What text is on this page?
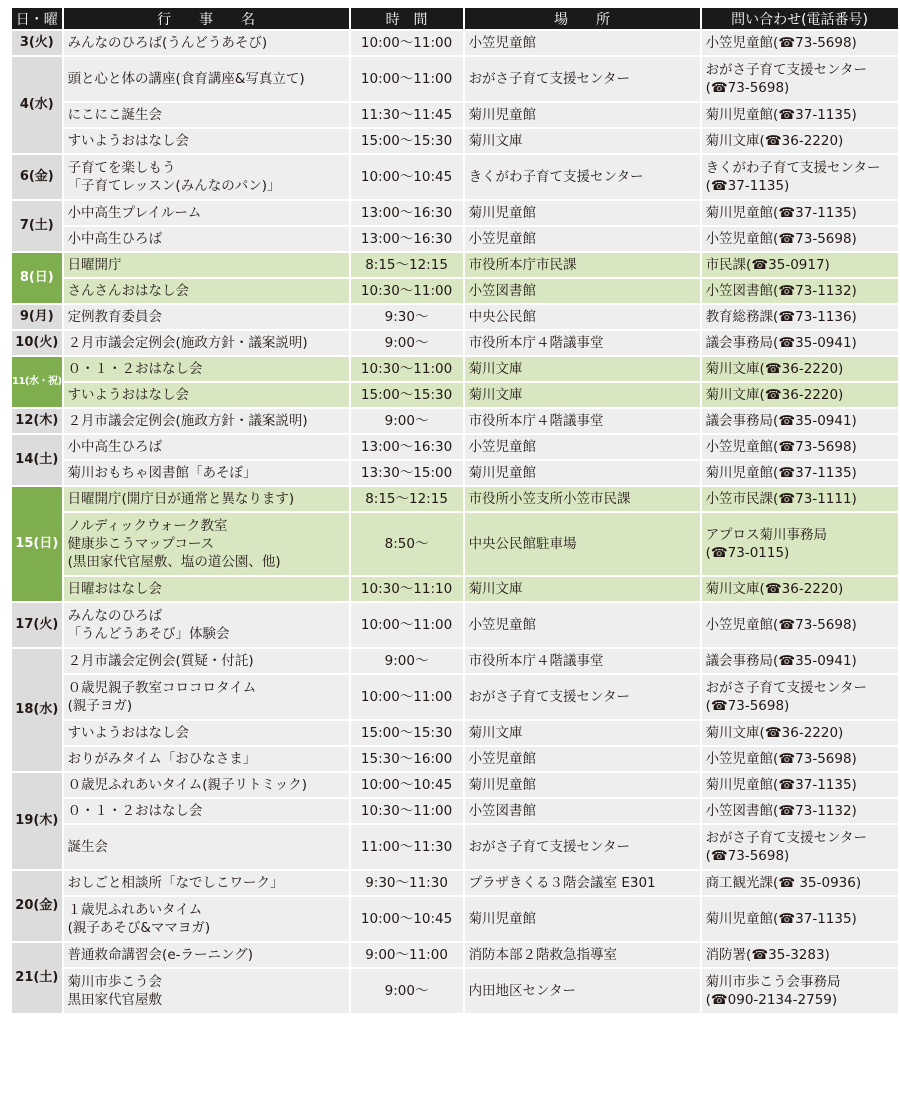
日・曜	行　　事　　名	時　間	場　　所	問い合わせ(電話番号)
3(火)	みんなのひろば(うんどうあそび)	10:00〜11:00	小笠児童館	小笠児童館(☎73-5698)

4(水)	頭と心と体の講座(食育講座&写真立て)	10:00〜11:00	おがさ子育て支援センター	おがさ子育て支援センター
(☎73-5698)

	にこにこ誕生会	11:30〜11:45	菊川児童館	菊川児童館(☎37-1135)

	すいようおはなし会	15:00〜15:30	菊川文庫	菊川文庫(☎36-2220)

6(金)	子育てを楽しもう
「子育てレッスン(みんなのパン)」	10:00〜10:45	きくがわ子育て支援センター	きくがわ子育て支援センター
(☎37-1135)

7(土)	小中高生プレイルーム	13:00〜16:30	菊川児童館	菊川児童館(☎37-1135)

	小中高生ひろば	13:00〜16:30	小笠児童館	小笠児童館(☎73-5698)

8(日)	日曜開庁	8:15〜12:15	市役所本庁市民課	市民課(☎35-0917)

	さんさんおはなし会	10:30〜11:00	小笠図書館	小笠図書館(☎73-1132)

9(月)	定例教育委員会	9:30〜	中央公民館	教育総務課(☎73-1136)

10(火)	２月市議会定例会(施政方針・議案説明)	9:00〜	市役所本庁４階議事堂	議会事務局(☎35-0941)

11(水・祝)	０・１・２おはなし会	10:30〜11:00	菊川文庫	菊川文庫(☎36-2220)

	すいようおはなし会	15:00〜15:30	菊川文庫	菊川文庫(☎36-2220)

12(木)	２月市議会定例会(施政方針・議案説明)	9:00〜	市役所本庁４階議事堂	議会事務局(☎35-0941)

14(土)	小中高生ひろば	13:00〜16:30	小笠児童館	小笠児童館(☎73-5698)

	菊川おもちゃ図書館「あそぼ」	13:30〜15:00	菊川児童館	菊川児童館(☎37-1135)

15(日)	日曜開庁(開庁日が通常と異なります)	8:15〜12:15	市役所小笠支所小笠市民課	小笠市民課(☎73-1111)

	ノルディックウォーク教室
健康歩こうマップコース
(黒田家代官屋敷、塩の道公園、他)	8:50〜	中央公民館駐車場	アプロス菊川事務局
(☎73-0115)

	日曜おはなし会	10:30〜11:10	菊川文庫	菊川文庫(☎36-2220)

17(火)	みんなのひろば
「うんどうあそび」体験会	10:00〜11:00	小笠児童館	小笠児童館(☎73-5698)

18(水)	２月市議会定例会(質疑・付託)	9:00〜	市役所本庁４階議事堂	議会事務局(☎35-0941)

	０歳児親子教室コロコロタイム
(親子ヨガ)	10:00〜11:00	おがさ子育て支援センター	おがさ子育て支援センター
(☎73-5698)

	すいようおはなし会	15:00〜15:30	菊川文庫	菊川文庫(☎36-2220)

	おりがみタイム「おひなさま」	15:30〜16:00	小笠児童館	小笠児童館(☎73-5698)

19(木)	０歳児ふれあいタイム(親子リトミック)	10:00〜10:45	菊川児童館	菊川児童館(☎37-1135)

	０・１・２おはなし会	10:30〜11:00	小笠図書館	小笠図書館(☎73-1132)

	誕生会	11:00〜11:30	おがさ子育て支援センター	おがさ子育て支援センター
(☎73-5698)

20(金)	おしごと相談所「なでしこワーク」	9:30〜11:30	プラザきくる３階会議室 E301	商工観光課(☎ 35-0936)

	１歳児ふれあいタイム
(親子あそび&ママヨガ)	10:00〜10:45	菊川児童館	菊川児童館(☎37-1135)

21(土)	普通救命講習会(e-ラーニング)	9:00〜11:00	消防本部２階救急指導室	消防署(☎35-3283)

	菊川市歩こう会
黒田家代官屋敷	9:00〜	内田地区センター	菊川市歩こう会事務局
(☎090-2134-2759)
